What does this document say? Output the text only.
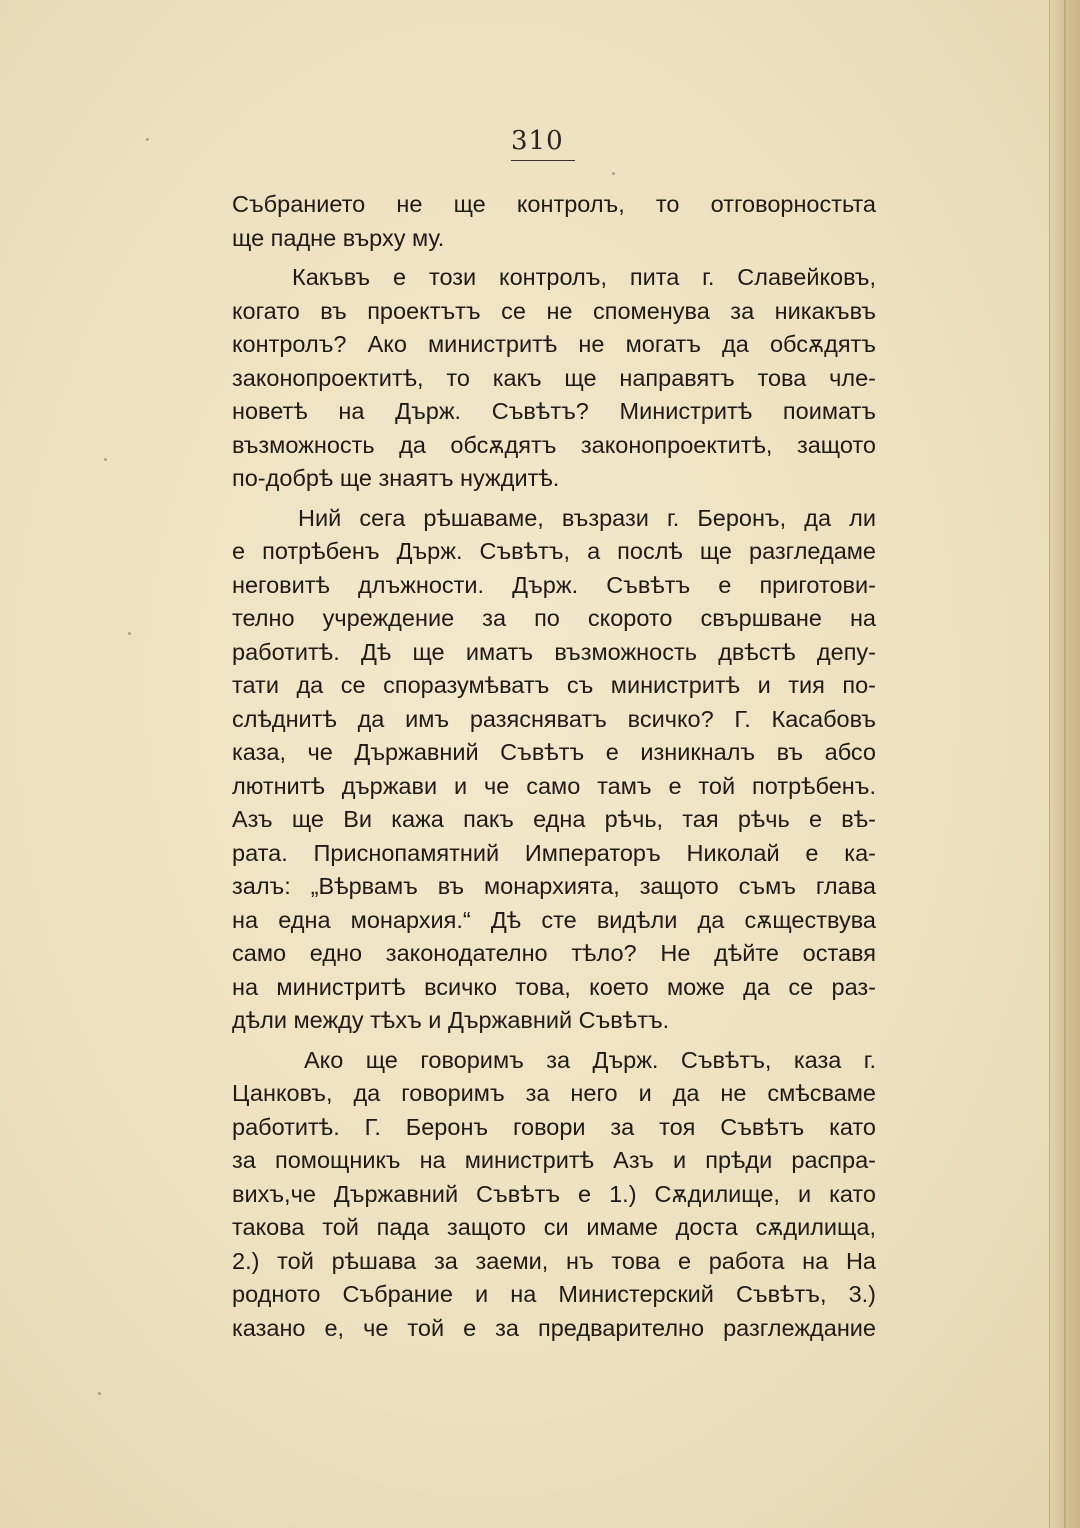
310
Събранието не ще контролъ, то отговорностьта
ще падне върху му.
Какъвъ е този контролъ, пита г. Славейковъ,
когато въ проектътъ се не споменува за никакъвъ
контролъ? Ако министритѣ не могатъ да обсѫдятъ
законопроектитѣ, то какъ ще направятъ това чле-
новетѣ на Държ. Съвѣтъ? Министритѣ поиматъ
възможность да обсѫдятъ законопроектитѣ, защото
по-добрѣ ще знаятъ нуждитѣ.
Ний сега рѣшаваме, възрази г. Беронъ, да ли
е потрѣбенъ Държ. Съвѣтъ, а послѣ ще разгледаме
неговитѣ длъжности. Държ. Съвѣтъ е приготови-
телно учреждение за по скорото свършване на
работитѣ. Дѣ ще иматъ възможность двѣстѣ депу-
тати да се споразумѣватъ съ министритѣ и тия по-
слѣднитѣ да имъ разясняватъ всичко? Г. Касабовъ
каза, че Държавний Съвѣтъ е изникналъ въ абсо
лютнитѣ държави и че само тамъ е той потрѣбенъ.
Азъ ще Ви кажа пакъ една рѣчь, тая рѣчь е вѣ-
рата. Приснопамятний Императоръ Николай е ка-
залъ: „Вѣрвамъ въ монархията, защото съмъ глава
на една монархия.“ Дѣ сте видѣли да сѫществува
само едно законодателно тѣло? Не дѣйте оставя
на министритѣ всичко това, което може да се раз-
дѣли между тѣхъ и Държавний Съвѣтъ.
Ако ще говоримъ за Държ. Съвѣтъ, каза г.
Цанковъ, да говоримъ за него и да не смѣсваме
работитѣ. Г. Беронъ говори за тоя Съвѣтъ като
за помощникъ на министритѣ Азъ и прѣди распра-
вихъ,че Държавний Съвѣтъ е 1.) Сѫдилище, и като
такова той пада защото си имаме доста сѫдилища,
2.) той рѣшава за заеми, нъ това е работа на На
родното Събрание и на Министерский Съвѣтъ, 3.)
казано е, че той е за предварително разглеждание
